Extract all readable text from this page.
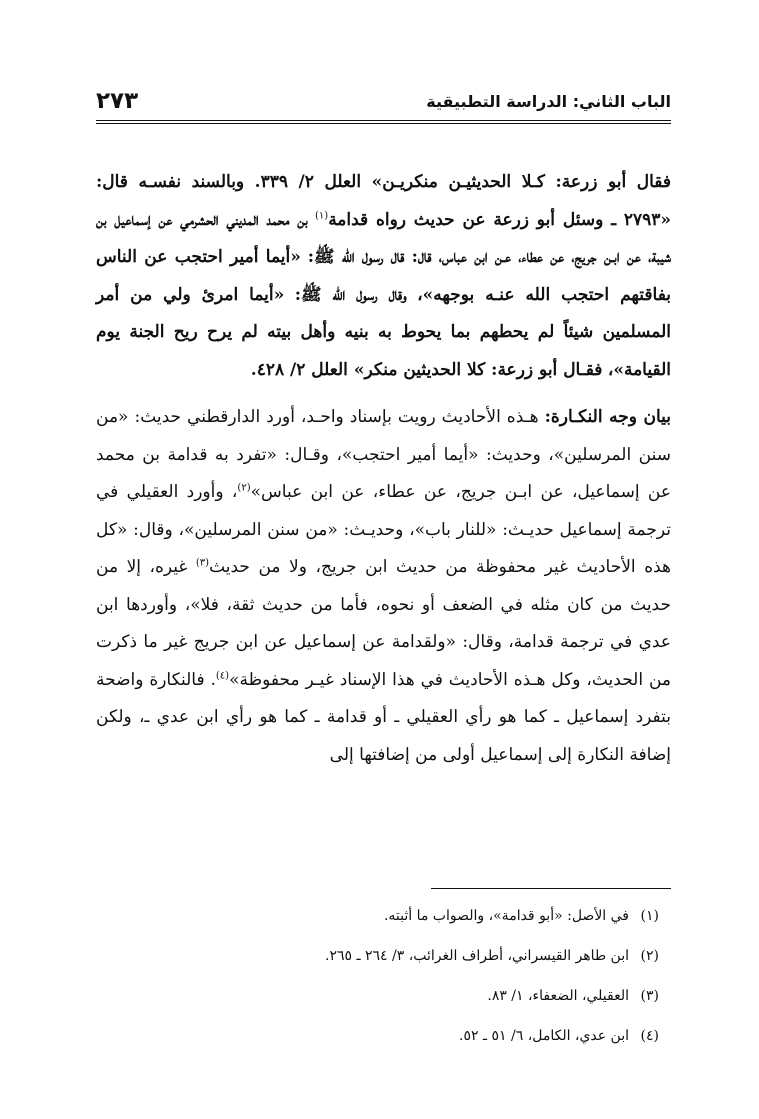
الباب الثاني: الدراسة التطبيقية
٢٧٣

فقال أبو زرعة: كـلا الحديثيـن منكريـن» العلل ٢/ ٣٣٩. وبالسند نفسـه قال: «٢٧٩٣ ـ وسئل أبو زرعة عن حديث رواه قدامة$^{(١)}$ بن محمد المديني الحشرمي عن إسماعيل بن شيبة، عن ابـن جريج، عن عطاء، عـن ابن عباس، قال: قال رسول الله ﷺ: «أيما أمير احتجب عن الناس بفاقتهم احتجب الله عنـه بوجهه»، وقال رسول الله ﷺ: «أيما امرئ ولي من أمر المسلمين شيئاً لم يحطهم بما يحوط به بنيه وأهل بيته لم يرح ريح الجنة يوم القيامة»، فقـال أبو زرعة: كلا الحديثين منكر» العلل ٢/ ٤٢٨.

بيان وجه النكـارة: هـذه الأحاديث رويت بإسناد واحـد، أورد الدارقطني حديث: «من سنن المرسلين»، وحديث: «أيما أمير احتجب»، وقـال: «تفرد به قدامة بن محمد عن إسماعيل، عن ابـن جريج، عن عطاء، عن ابن عباس»$^{(٢)}$، وأورد العقيلي في ترجمة إسماعيل حديـث: «للنار باب»، وحديـث: «من سنن المرسلين»، وقال: «كل هذه الأحاديث غير محفوظة من حديث ابن جريج، ولا من حديث$^{(٣)}$ غيره، إلا من حديث من كان مثله في الضعف أو نحوه، فأما من حديث ثقة، فلا»، وأوردها ابن عدي في ترجمة قدامة، وقال: «ولقدامة عن إسماعيل عن ابن جريج غير ما ذكرت من الحديث، وكل هـذه الأحاديث في هذا الإسناد غيـر محفوظة»$^{(٤)}$. فالنكارة واضحة بتفرد إسماعيل ـ كما هو رأي العقيلي ـ أو قدامة ـ كما هو رأي ابن عدي ـ، ولكن إضافة النكارة إلى إسماعيل أولى من إضافتها إلى

(١)
في الأصل: «أبو قدامة»، والصواب ما أثبته.
(٢)
ابن طاهر القيسراني، أطراف الغرائب، ٣/ ٢٦٤ ـ ٢٦٥.
(٣)
العقيلي، الضعفاء، ١/ ٨٣.
(٤)
ابن عدي، الكامل، ٦/ ٥١ ـ ٥٢.
